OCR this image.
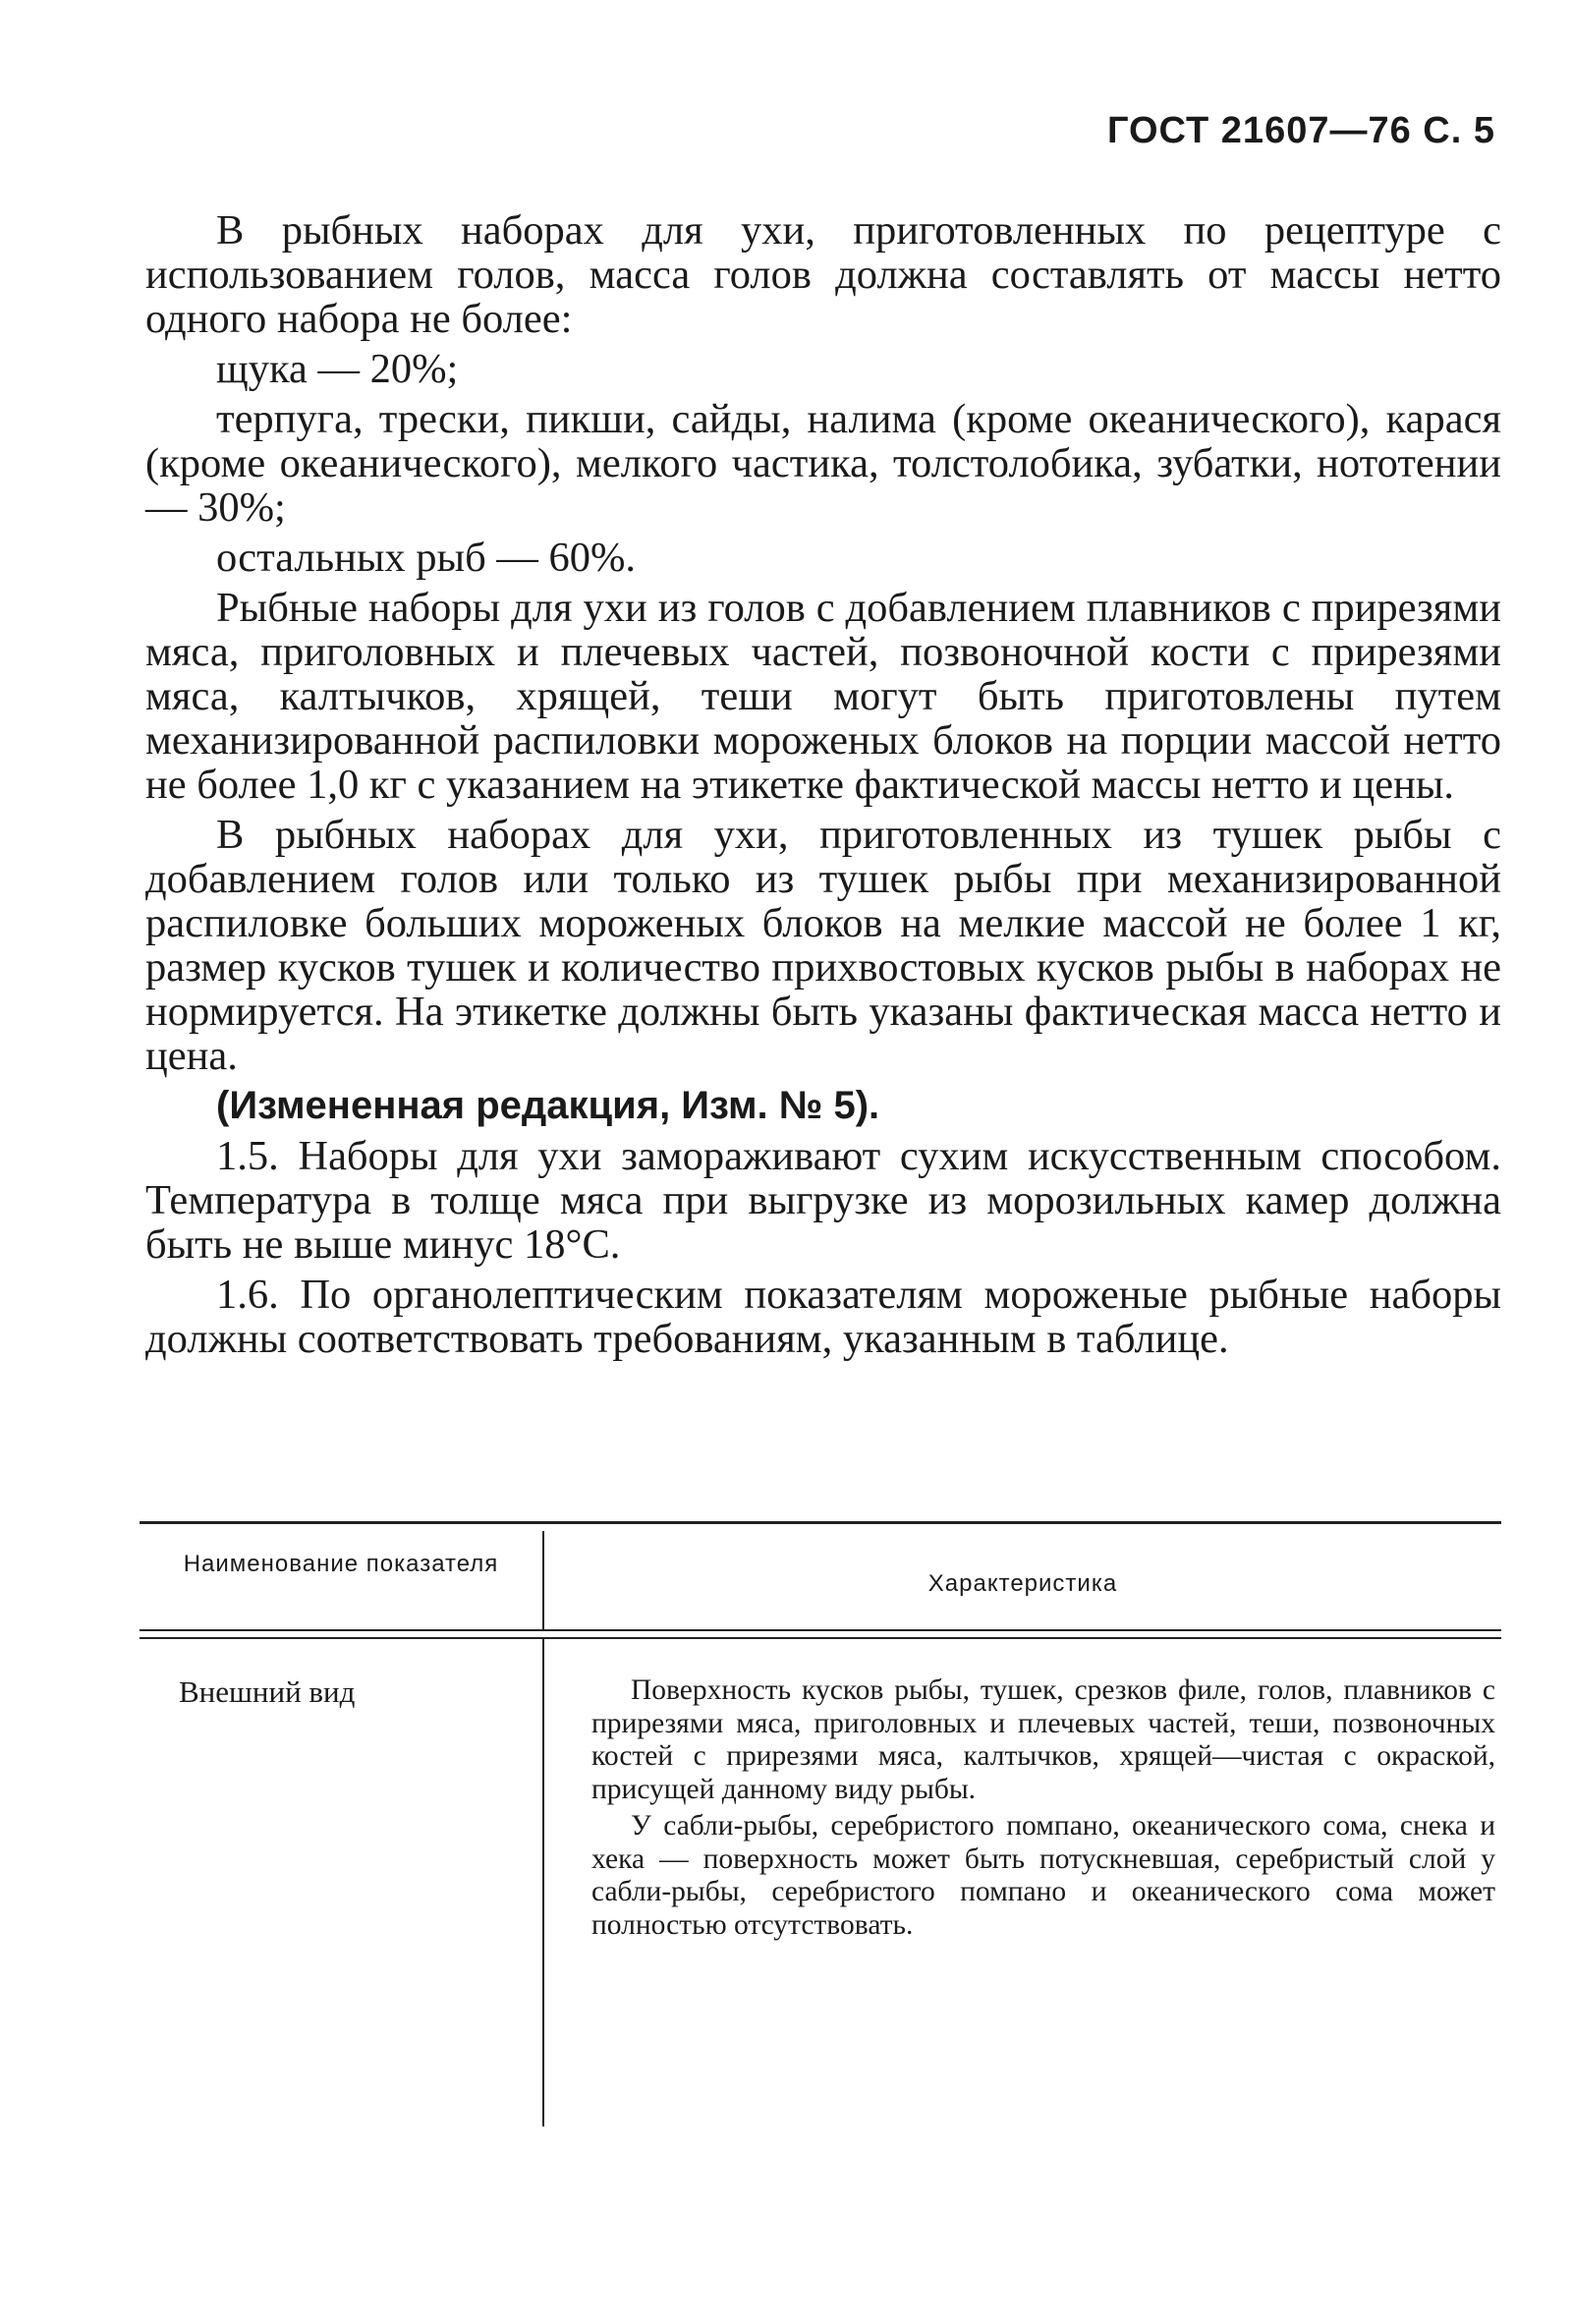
ГОСТ 21607—76 С. 5

В рыбных наборах для ухи, приготовленных по рецептуре с использованием голов, масса голов должна составлять от массы нетто одного набора не более:

щука — 20%;

терпуга, трески, пикши, сайды, налима (кроме океанического), карася (кроме океанического), мелкого частика, толстолобика, зубатки, нототении — 30%;

остальных рыб — 60%.

Рыбные наборы для ухи из голов с добавлением плавников с прирезями мяса, приголовных и плечевых частей, позвоночной кости с прирезями мяса, калтычков, хрящей, теши могут быть приготовлены путем механизированной распиловки мороженых блоков на порции массой нетто не более 1,0 кг с указанием на этикетке фактической массы нетто и цены.

В рыбных наборах для ухи, приготовленных из тушек рыбы с добавлением голов или только из тушек рыбы при механизированной распиловке больших мороженых блоков на мелкие массой не более 1 кг, размер кусков тушек и количество прихвостовых кусков рыбы в наборах не нормируется. На этикетке должны быть указаны фактическая масса нетто и цена.

(Измененная редакция, Изм. № 5).

1.5. Наборы для ухи замораживают сухим искусственным способом. Температура в толще мяса при выгрузке из морозильных камер должна быть не выше минус 18°С.

1.6. По органолептическим показателям мороженые рыбные наборы должны соответствовать требованиям, указанным в таблице.

Наименование показателя
Характеристика
Внешний вид	Поверхность кусков рыбы, тушек, срезков филе, голов, плавников с прирезями мяса, приголовных и плечевых частей, теши, позвоночных костей с прирезями мяса, калтычков, хрящей—чистая с окраской, присущей данному виду рыбы.

У сабли-рыбы, серебристого помпано, океанического сома, снека и хека — поверхность может быть потускневшая, серебристый слой у сабли-рыбы, серебристого помпано и океанического сома может полностью отсутствовать.
